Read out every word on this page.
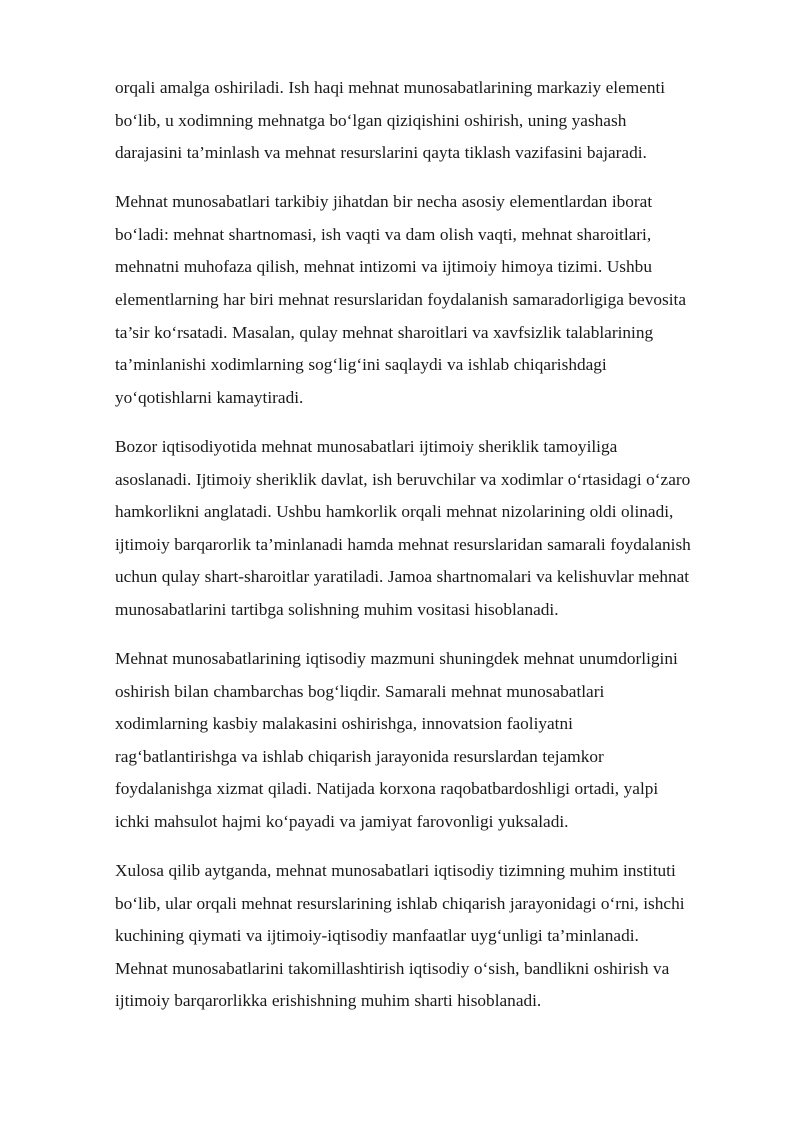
orqali amalga oshiriladi. Ish haqi mehnat munosabatlarining markaziy elementi
bo‘lib, u xodimning mehnatga bo‘lgan qiziqishini oshirish, uning yashash
darajasini ta’minlash va mehnat resurslarini qayta tiklash vazifasini bajaradi.

Mehnat munosabatlari tarkibiy jihatdan bir necha asosiy elementlardan iborat
bo‘ladi: mehnat shartnomasi, ish vaqti va dam olish vaqti, mehnat sharoitlari,
mehnatni muhofaza qilish, mehnat intizomi va ijtimoiy himoya tizimi. Ushbu
elementlarning har biri mehnat resurslaridan foydalanish samaradorligiga bevosita
ta’sir ko‘rsatadi. Masalan, qulay mehnat sharoitlari va xavfsizlik talablarining
ta’minlanishi xodimlarning sog‘lig‘ini saqlaydi va ishlab chiqarishdagi
yo‘qotishlarni kamaytiradi.

Bozor iqtisodiyotida mehnat munosabatlari ijtimoiy sheriklik tamoyiliga
asoslanadi. Ijtimoiy sheriklik davlat, ish beruvchilar va xodimlar o‘rtasidagi o‘zaro
hamkorlikni anglatadi. Ushbu hamkorlik orqali mehnat nizolarining oldi olinadi,
ijtimoiy barqarorlik ta’minlanadi hamda mehnat resurslaridan samarali foydalanish
uchun qulay shart-sharoitlar yaratiladi. Jamoa shartnomalari va kelishuvlar mehnat
munosabatlarini tartibga solishning muhim vositasi hisoblanadi.

Mehnat munosabatlarining iqtisodiy mazmuni shuningdek mehnat unumdorligini
oshirish bilan chambarchas bog‘liqdir. Samarali mehnat munosabatlari
xodimlarning kasbiy malakasini oshirishga, innovatsion faoliyatni
rag‘batlantirishga va ishlab chiqarish jarayonida resurslardan tejamkor
foydalanishga xizmat qiladi. Natijada korxona raqobatbardoshligi ortadi, yalpi
ichki mahsulot hajmi ko‘payadi va jamiyat farovonligi yuksaladi.

Xulosa qilib aytganda, mehnat munosabatlari iqtisodiy tizimning muhim instituti
bo‘lib, ular orqali mehnat resurslarining ishlab chiqarish jarayonidagi o‘rni, ishchi
kuchining qiymati va ijtimoiy-iqtisodiy manfaatlar uyg‘unligi ta’minlanadi.
Mehnat munosabatlarini takomillashtirish iqtisodiy o‘sish, bandlikni oshirish va
ijtimoiy barqarorlikka erishishning muhim sharti hisoblanadi.
